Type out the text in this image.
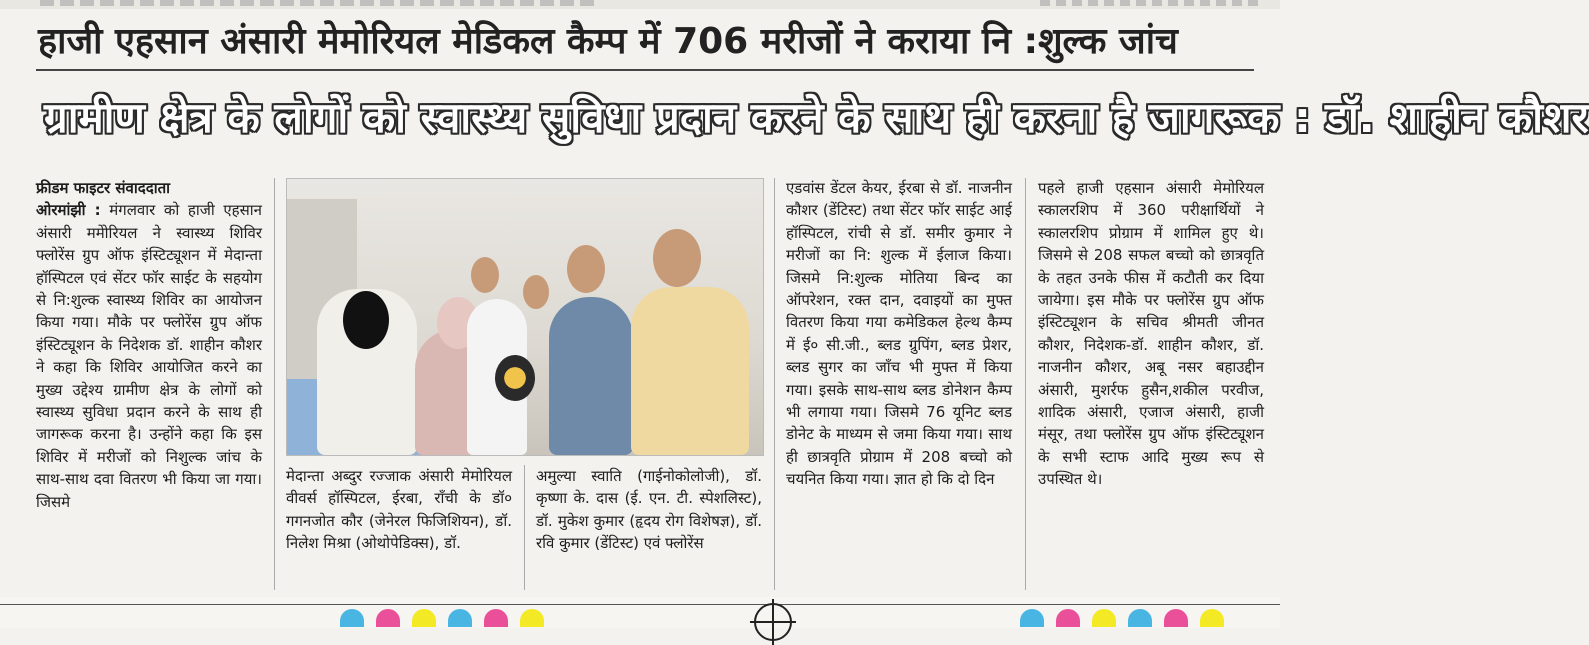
हाजी एहसान अंसारी मेमोरियल मेडिकल कैम्प में 706 मरीजों ने कराया नि :शुल्क जांच
ग्रामीण क्षेत्र के लोगों को स्वास्थ्य सुविधा प्रदान करने के साथ ही करना है जागरूक : डॉ. शाहीन कौशर

फ्रीडम फाइटर संवाददाता

ओरमांझी : मंगलवार को हाजी एहसान अंसारी ममेोरियल ने स्वास्थ्य शिविर फ्लोरेंस ग्रुप ऑफ इंस्टिट्यूशन में मेदान्ता हॉस्पिटल एवं सेंटर फॉर साईट के सहयोग से नि:शुल्क स्वास्थ्य शिविर का आयोजन किया गया। मौके पर फ्लोरेंस ग्रुप ऑफ इंस्टिट्यूशन के निदेशक डॉ. शाहीन कौशर ने कहा कि शिविर आयोजित करने का मुख्य उद्देश्य ग्रामीण क्षेत्र के लोगों को स्वास्थ्य सुविधा प्रदान करने के साथ ही जागरूक करना है। उन्होंने कहा कि इस शिविर में मरीजों को निशुल्क जांच के साथ-साथ दवा वितरण भी किया जा गया। जिसमे

मेदान्ता अब्दुर रज्जाक अंसारी मेमोरियल वीवर्स हॉस्पिटल, ईरबा, रॉंची के डॉ० गगनजोत कौर (जेनेरल फिजिशियन), डॉ. निलेश मिश्रा (ओथोपेडिक्स), डॉ.

अमुल्या स्वाति (गाईनोकोलोजी), डॉ. कृष्णा के. दास (ई. एन. टी. स्पेशलिस्ट), डॉ. मुकेश कुमार (हृदय रोग विशेषज्ञ), डॉ. रवि कुमार (डेंटिस्ट) एवं फ्लोरेंस

एडवांस डेंटल केयर, ईरबा से डॉ. नाजनीन कौशर (डेंटिस्ट) तथा सेंटर फॉर साईट आई हॉस्पिटल, रांची से डॉ. समीर कुमार ने मरीजों का नि: शुल्क में ईलाज किया। जिसमे नि:शुल्क मोतिया बिन्द का ऑपरेशन, रक्त दान, दवाइयों का मुफ्त वितरण किया गया कमेडिकल हेल्थ कैम्प में ई० सी.जी., ब्लड ग्रुपिंग, ब्लड प्रेशर, ब्लड सुगर का जाँच भी मुफ्त में किया गया। इसके साथ-साथ ब्लड डोनेशन कैम्प भी लगाया गया। जिसमे 76 यूनिट ब्लड डोनेट के माध्यम से जमा किया गया। साथ ही छात्रवृति प्रोग्राम में 208 बच्चो को चयनित किया गया। ज्ञात हो कि दो दिन

पहले हाजी एहसान अंसारी मेमोरियल स्कालरशिप में 360 परीक्षार्थियों ने स्कालरशिप प्रोग्राम में शामिल हुए थे। जिसमे से 208 सफल बच्चो को छात्रवृति के तहत उनके फीस में कटौती कर दिया जायेगा। इस मौके पर फ्लोरेंस ग्रुप ऑफ इंस्टिट्यूशन के सचिव श्रीमती जीनत कौशर, निदेशक-डॉ. शाहीन कौशर, डॉ. नाजनीन कौशर, अबू नसर बहाउद्दीन अंसारी, मुशर्रफ हुसैन,शकील परवीज, शादिक अंसारी, एजाज अंसारी, हाजी मंसूर, तथा फ्लोरेंस ग्रुप ऑफ इंस्टिट्यूशन के सभी स्टाफ आदि मुख्य रूप से उपस्थित थे।
